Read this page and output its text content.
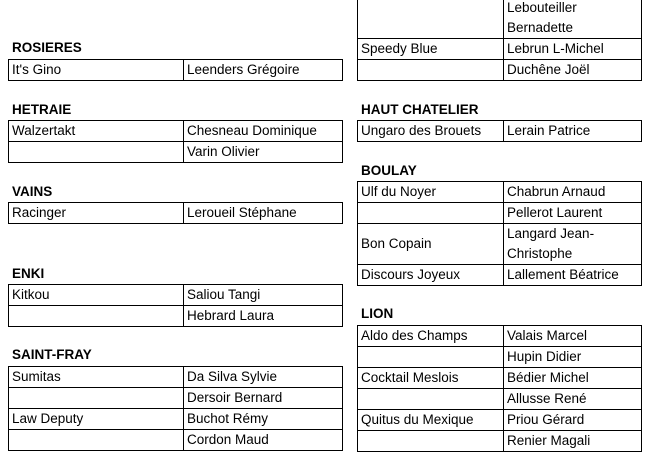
ROSIERES
It's Gino	Leenders Grégoire
HETRAIE
Walzertakt	Chesneau Dominique
	Varin Olivier
VAINS
Racinger	Leroueil Stéphane
ENKI
Kitkou	Saliou Tangi
	Hebrard Laura
SAINT-FRAY
Sumitas	Da Silva Sylvie
	Dersoir Bernard
Law Deputy	Buchot Rémy
	Cordon Maud
	Lebouteiller Bernadette
Speedy Blue	Lebrun L-Michel
	Duchêne Joël
HAUT CHATELIER
Ungaro des Brouets	Lerain Patrice
BOULAY
Ulf du Noyer	Chabrun Arnaud
	Pellerot Laurent
Bon Copain	Langard Jean-Christophe
Discours Joyeux	Lallement Béatrice
LION
Aldo des Champs	Valais Marcel
	Hupin Didier
Cocktail Meslois	Bédier Michel
	Allusse René
Quitus du Mexique	Priou Gérard
	Renier Magali
